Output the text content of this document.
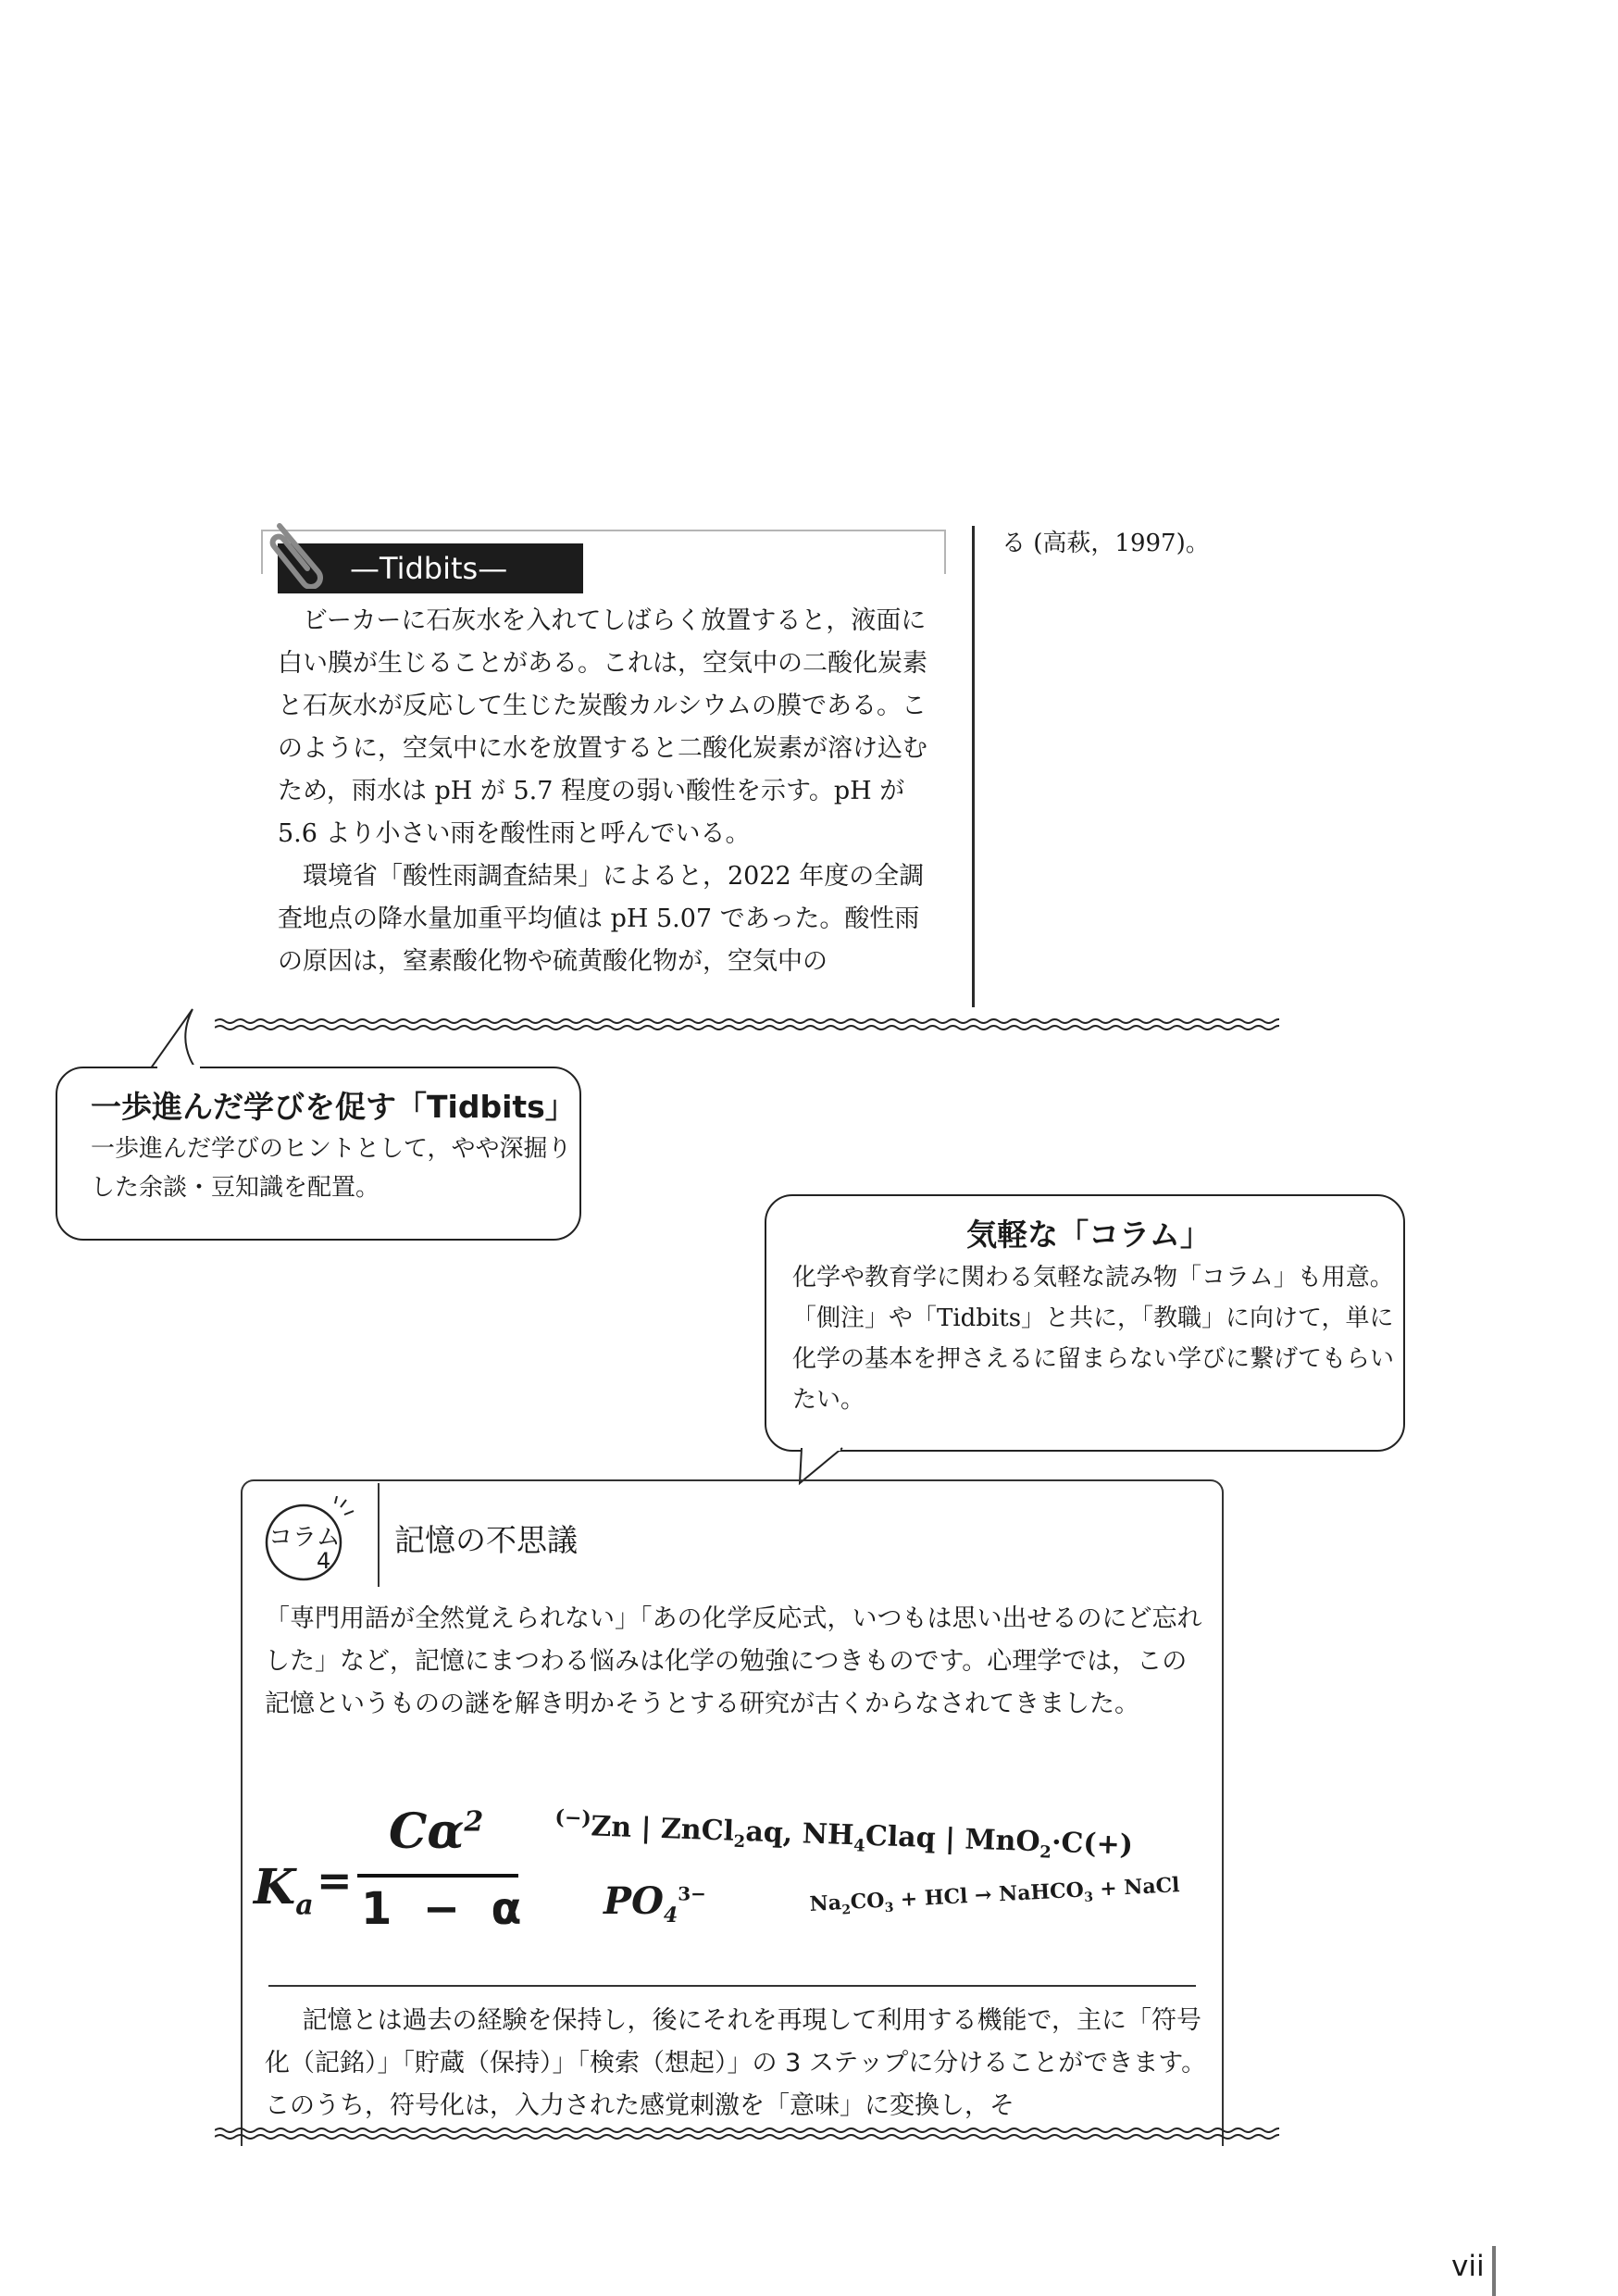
—Tidbits—
る (高萩，1997)。

ビーカーに石灰水を入れてしばらく放置すると，液面に白い膜が生じることがある。これは，空気中の二酸化炭素と石灰水が反応して生じた炭酸カルシウムの膜である。このように，空気中に水を放置すると二酸化炭素が溶け込むため，雨水は pH が 5.7 程度の弱い酸性を示す。pH が 5.6 より小さい雨を酸性雨と呼んでいる。

環境省「酸性雨調査結果」によると，2022 年度の全調査地点の降水量加重平均値は pH 5.07 であった。酸性雨の原因は，窒素酸化物や硫黄酸化物が，空気中の

一歩進んだ学びを促す「Tidbits」
一歩進んだ学びのヒントとして，やや深掘りした余談・豆知識を配置。
気軽な「コラム」
化学や教育学に関わる気軽な読み物「コラム」も用意。「側注」や「Tidbits」と共に，「教職」に向けて，単に化学の基本を押さえるに留まらない学びに繋げてもらいたい。
コラム
4
記憶の不思議
「専門用語が全然覚えられない」「あの化学反応式，いつもは思い出せるのにど忘れした」など，記憶にまつわる悩みは化学の勉強につきものです。心理学では，この記憶というものの謎を解き明かそうとする研究が古くからなされてきました。
$K_a$ =
$C\alpha^2$
1  −  α
(−)Zn | ZnCl$_2$aq, $NH_4Claq$ | MnO$_2$·C(+)
$PO_4^{3-}$	$Na_2CO_3$ + HCl → NaHCO$_3$ + NaCl

記憶とは過去の経験を保持し，後にそれを再現して利用する機能で，主に「符号化（記銘）」「貯蔵（保持）」「検索（想起）」の 3 ステップに分けることができます。このうち，符号化は，入力された感覚刺激を「意味」に変換し，そ

vii
